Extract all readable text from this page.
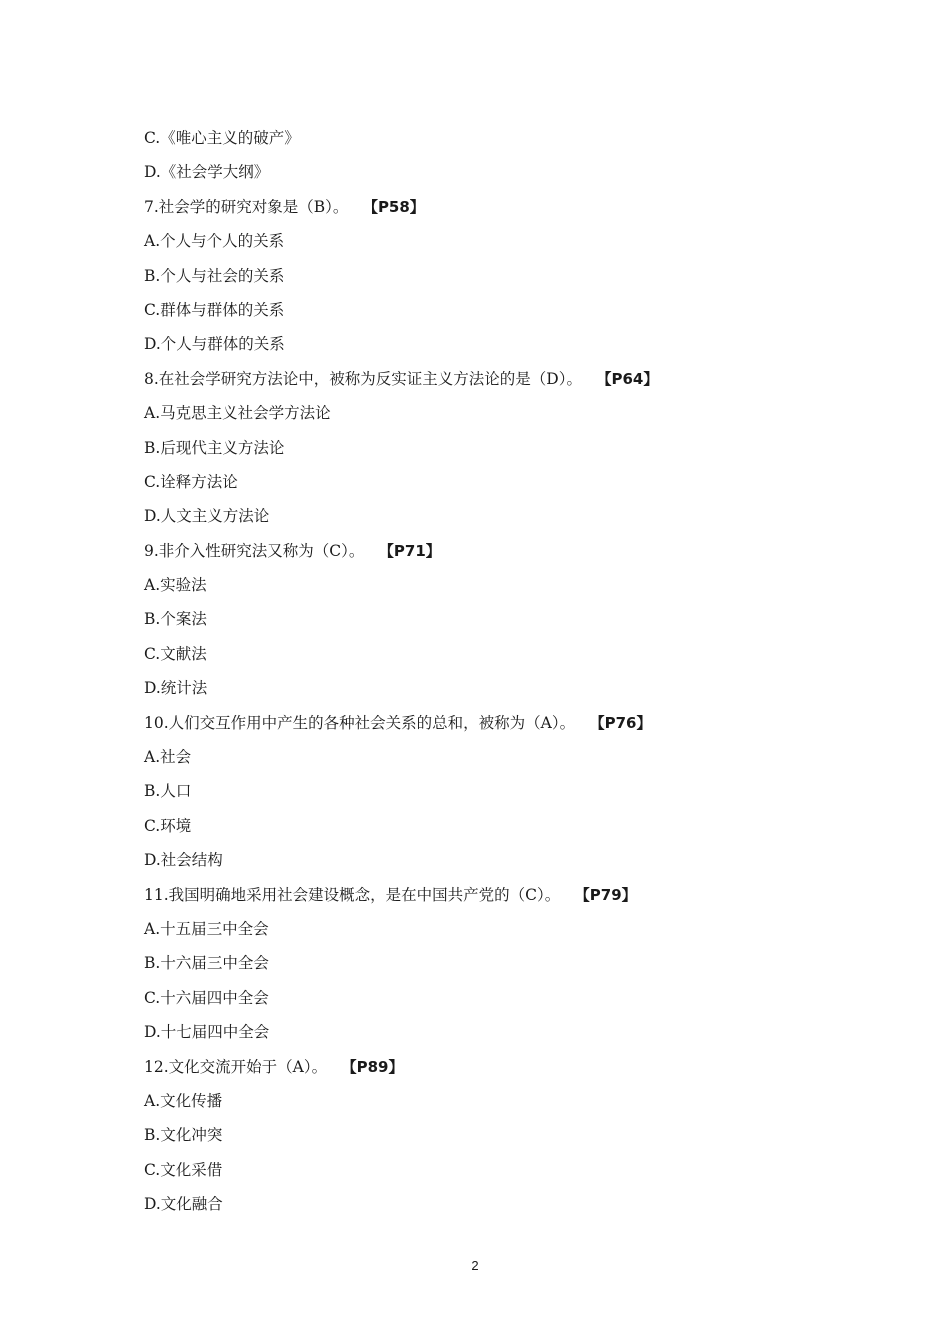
C.《唯心主义的破产》
D.《社会学大纲》
7.社会学的研究对象是（B）。 【P58】
A.个人与个人的关系
B.个人与社会的关系
C.群体与群体的关系
D.个人与群体的关系
8.在社会学研究方法论中，被称为反实证主义方法论的是（D）。 【P64】
A.马克思主义社会学方法论
B.后现代主义方法论
C.诠释方法论
D.人文主义方法论
9.非介入性研究法又称为（C）。 【P71】
A.实验法
B.个案法
C.文献法
D.统计法
10.人们交互作用中产生的各种社会关系的总和，被称为（A）。 【P76】
A.社会
B.人口
C.环境
D.社会结构
11.我国明确地采用社会建设概念，是在中国共产党的（C）。 【P79】
A.十五届三中全会
B.十六届三中全会
C.十六届四中全会
D.十七届四中全会
12.文化交流开始于（A）。 【P89】
A.文化传播
B.文化冲突
C.文化采借
D.文化融合
2
